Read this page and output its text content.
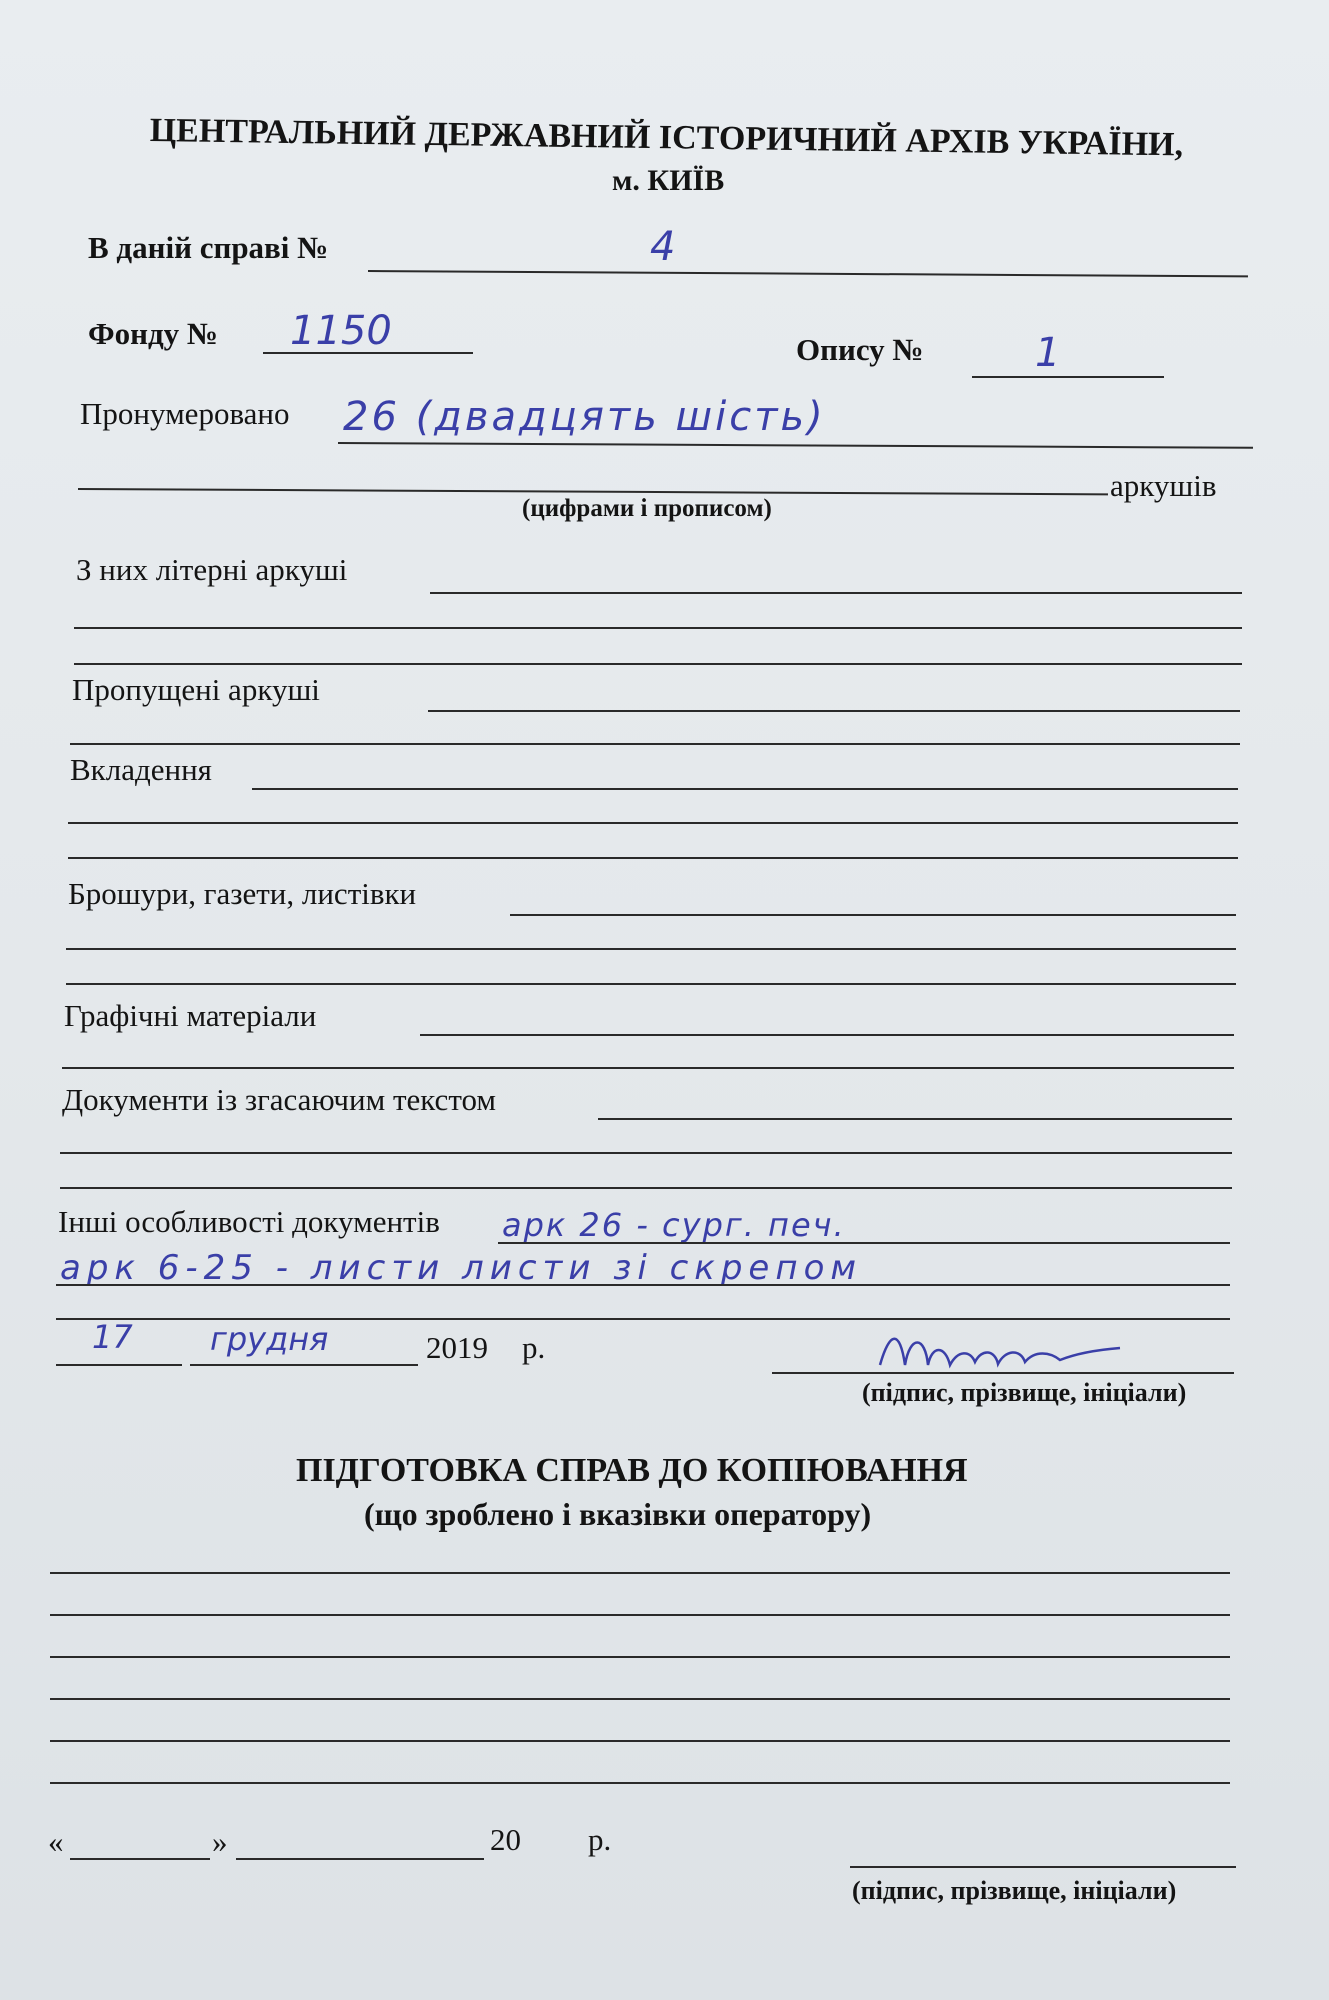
ЦЕНТРАЛЬНИЙ ДЕРЖАВНИЙ ІСТОРИЧНИЙ АРХІВ УКРАЇНИ,
м. КИЇВ
В даній справі №	4
Фонду № 1150	Опису №	1
Пронумеровано 26 (двадцять шість)
аркушів
(цифрами і прописом)
З них літерні аркуші
Пропущені аркуші
Вкладення
Брошури, газети, листівки
Графічні матеріали
Документи із згасаючим текстом
Інші особливості документів арк 26 - сург. печ.
арк 6-25 - листи листи зі скрепом
17 грудня	2019 р.
(підпис, прізвище, ініціали)
ПІДГОТОВКА СПРАВ ДО КОПІЮВАННЯ
(що зроблено і вказівки оператору)
«	»	20 р.
(підпис, прізвище, ініціали)
